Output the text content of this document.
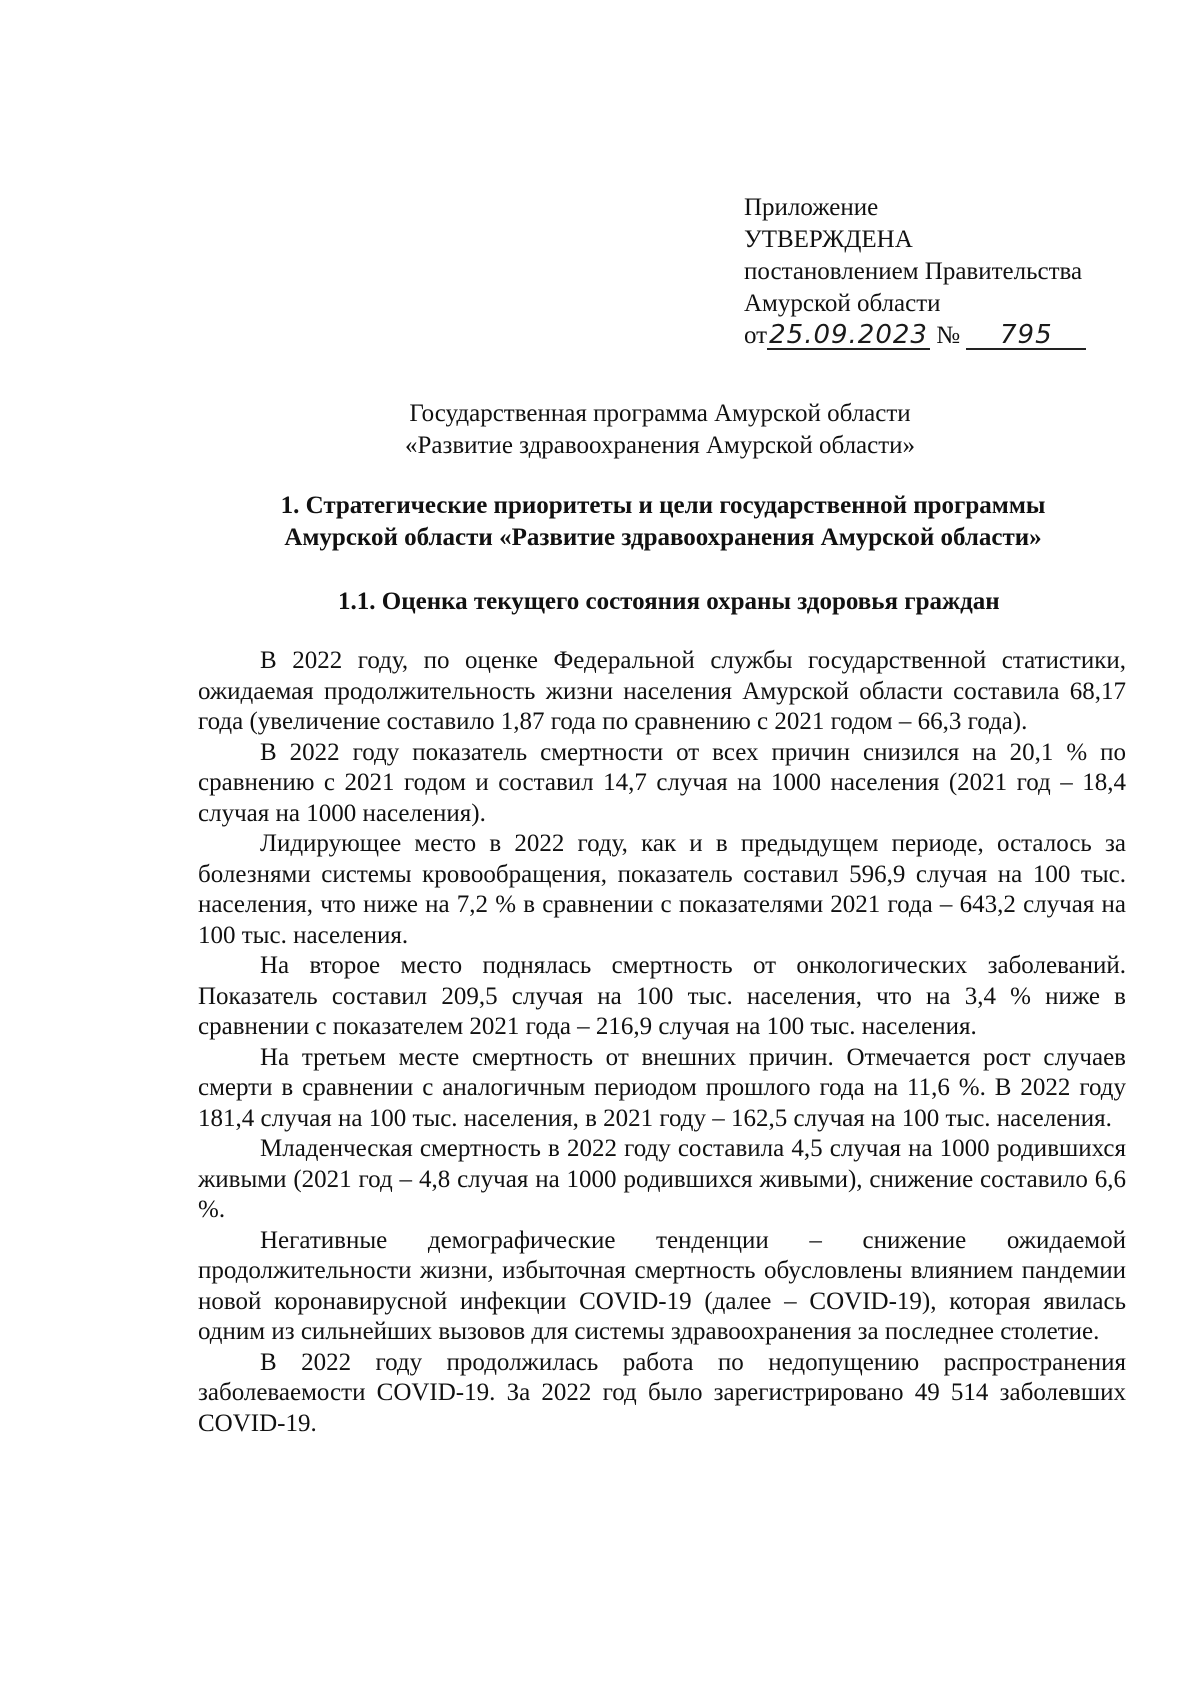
Приложение
УТВЕРЖДЕНА
постановлением Правительства
Амурской области
от25.09.2023 № 795
Государственная программа Амурской области
«Развитие здравоохранения Амурской области»
1. Стратегические приоритеты и цели государственной программы
Амурской области «Развитие здравоохранения Амурской области»
1.1. Оценка текущего состояния охраны здоровья граждан

В 2022 году, по оценке Федеральной службы государственной статистики, ожидаемая продолжительность жизни населения Амурской области составила 68,17 года (увеличение составило 1,87 года по сравнению с 2021 годом – 66,3 года).

В 2022 году показатель смертности от всех причин снизился на 20,1 % по сравнению с 2021 годом и составил 14,7 случая на 1000 населения (2021 год – 18,4 случая на 1000 населения).

Лидирующее место в 2022 году, как и в предыдущем периоде, осталось за болезнями системы кровообращения, показатель составил 596,9 случая на 100 тыс. населения, что ниже на 7,2 % в сравнении с показателями 2021 года – 643,2 случая на 100 тыс. населения.

На второе место поднялась смертность от онкологических заболеваний. Показатель составил 209,5 случая на 100 тыс. населения, что на 3,4 % ниже в сравнении с показателем 2021 года – 216,9 случая на 100 тыс. населения.

На третьем месте смертность от внешних причин. Отмечается рост случаев смерти в сравнении с аналогичным периодом прошлого года на 11,6 %. В 2022 году 181,4 случая на 100 тыс. населения, в 2021 году – 162,5 случая на 100 тыс. населения.

Младенческая смертность в 2022 году составила 4,5 случая на 1000 родившихся живыми (2021 год – 4,8 случая на 1000 родившихся живыми), снижение составило 6,6 %.

Негативные демографические тенденции – снижение ожидаемой продолжительности жизни, избыточная смертность обусловлены влиянием пандемии новой коронавирусной инфекции COVID-19 (далее – COVID-19), которая явилась одним из сильнейших вызовов для системы здравоохранения за последнее столетие.

В 2022 году продолжилась работа по недопущению распространения заболеваемости COVID-19. За 2022 год было зарегистрировано 49 514 заболевших COVID-19.
